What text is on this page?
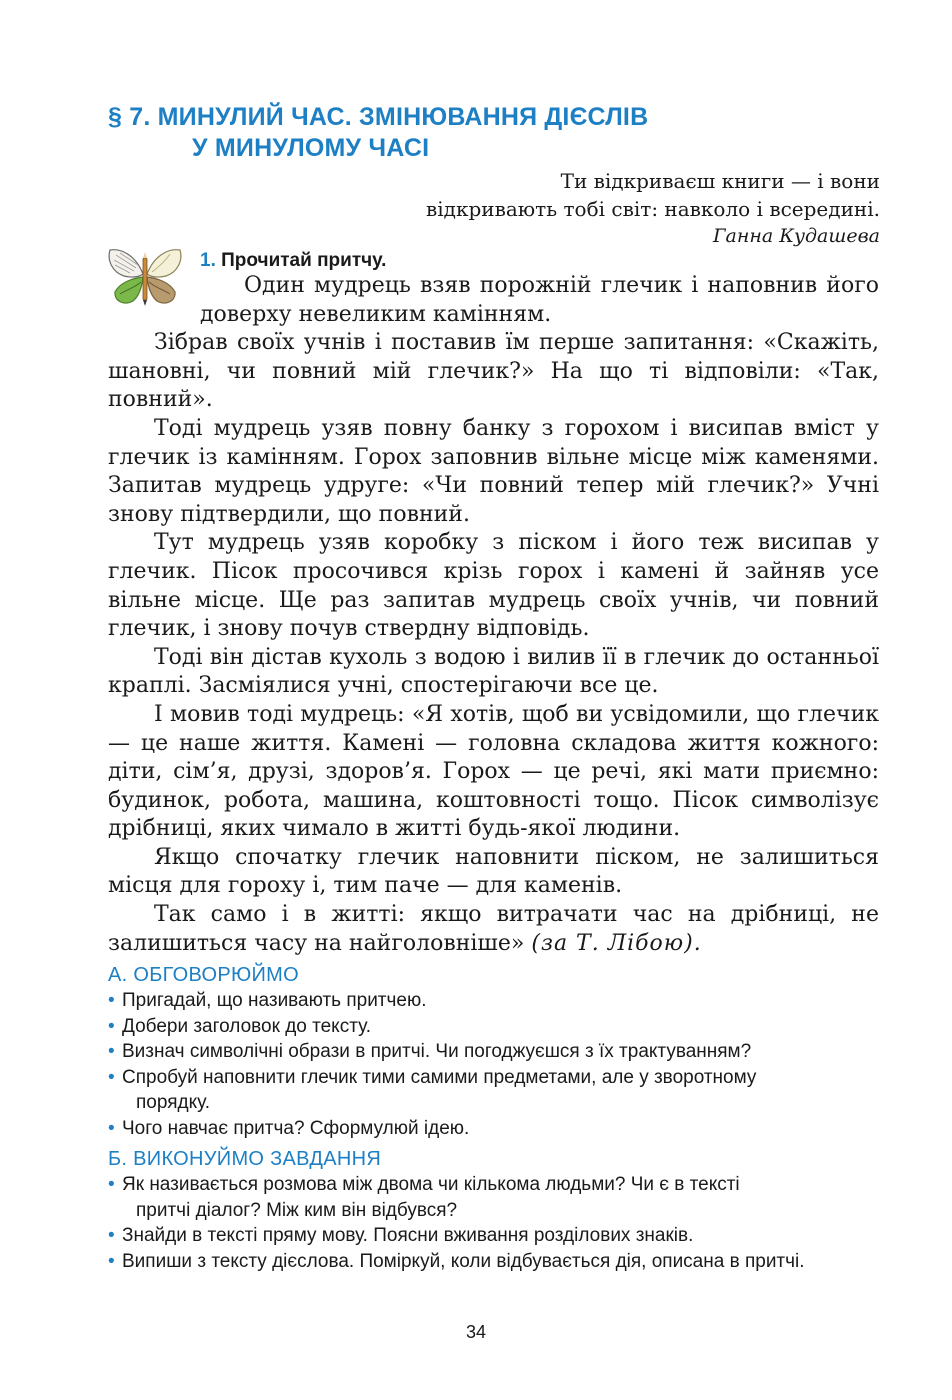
§ 7. МИНУЛИЙ ЧАС. ЗМІНЮВАННЯ ДІЄСЛІВ
У МИНУЛОМУ ЧАСІ
Ти відкриваєш книги — і вони
відкривають тобі світ: навколо і всередині.
Ганна Кудашева
1. Прочитай притчу.

Один мудрець взяв порожній глечик і наповнив його доверху невеликим камінням.

Зібрав своїх учнів і поставив їм перше запитання: «Скажіть, шановні, чи повний мій глечик?» На що ті відповіли: «Так, повний».

Тоді мудрець узяв повну банку з горохом і висипав вміст у глечик із камінням. Горох заповнив вільне місце між каменями. Запитав мудрець удруге: «Чи повний тепер мій глечик?» Учні знову підтвердили, що повний.

Тут мудрець узяв коробку з піском і його теж висипав у глечик. Пісок просочився крізь горох і камені й зайняв усе вільне місце. Ще раз запитав мудрець своїх учнів, чи повний глечик, і знову почув ствердну відповідь.

Тоді він дістав кухоль з водою і вилив її в глечик до останньої краплі. Засміялися учні, спостерігаючи все це.

І мовив тоді мудрець: «Я хотів, щоб ви усвідомили, що глечик — це наше життя. Камені — головна складова життя кожного: діти, сім’я, друзі, здоров’я. Горох — це речі, які мати приємно: будинок, робота, машина, коштовності тощо. Пісок символізує дрібниці, яких чимало в житті будь-якої людини.

Якщо спочатку глечик наповнити піском, не залишиться місця для гороху і, тим паче — для каменів.

Так само і в житті: якщо витрачати час на дрібниці, не залишиться часу на найголовніше» (за Т. Лібою).

А. ОБГОВОРЮЙМО
• Пригадай, що називають притчею.
• Добери заголовок до тексту.
• Визнач символічні образи в притчі. Чи погоджуєшся з їх трактуванням?
• Спробуй наповнити глечик тими самими предметами, але у зворотному
порядку.
• Чого навчає притча? Сформулюй ідею.
Б. ВИКОНУЙМО ЗАВДАННЯ
• Як називається розмова між двома чи кількома людьми? Чи є в тексті
притчі діалог? Між ким він відбувся?
• Знайди в тексті пряму мову. Поясни вживання розділових знаків.
• Випиши з тексту дієслова. Поміркуй, коли відбувається дія, описана в притчі.
34
